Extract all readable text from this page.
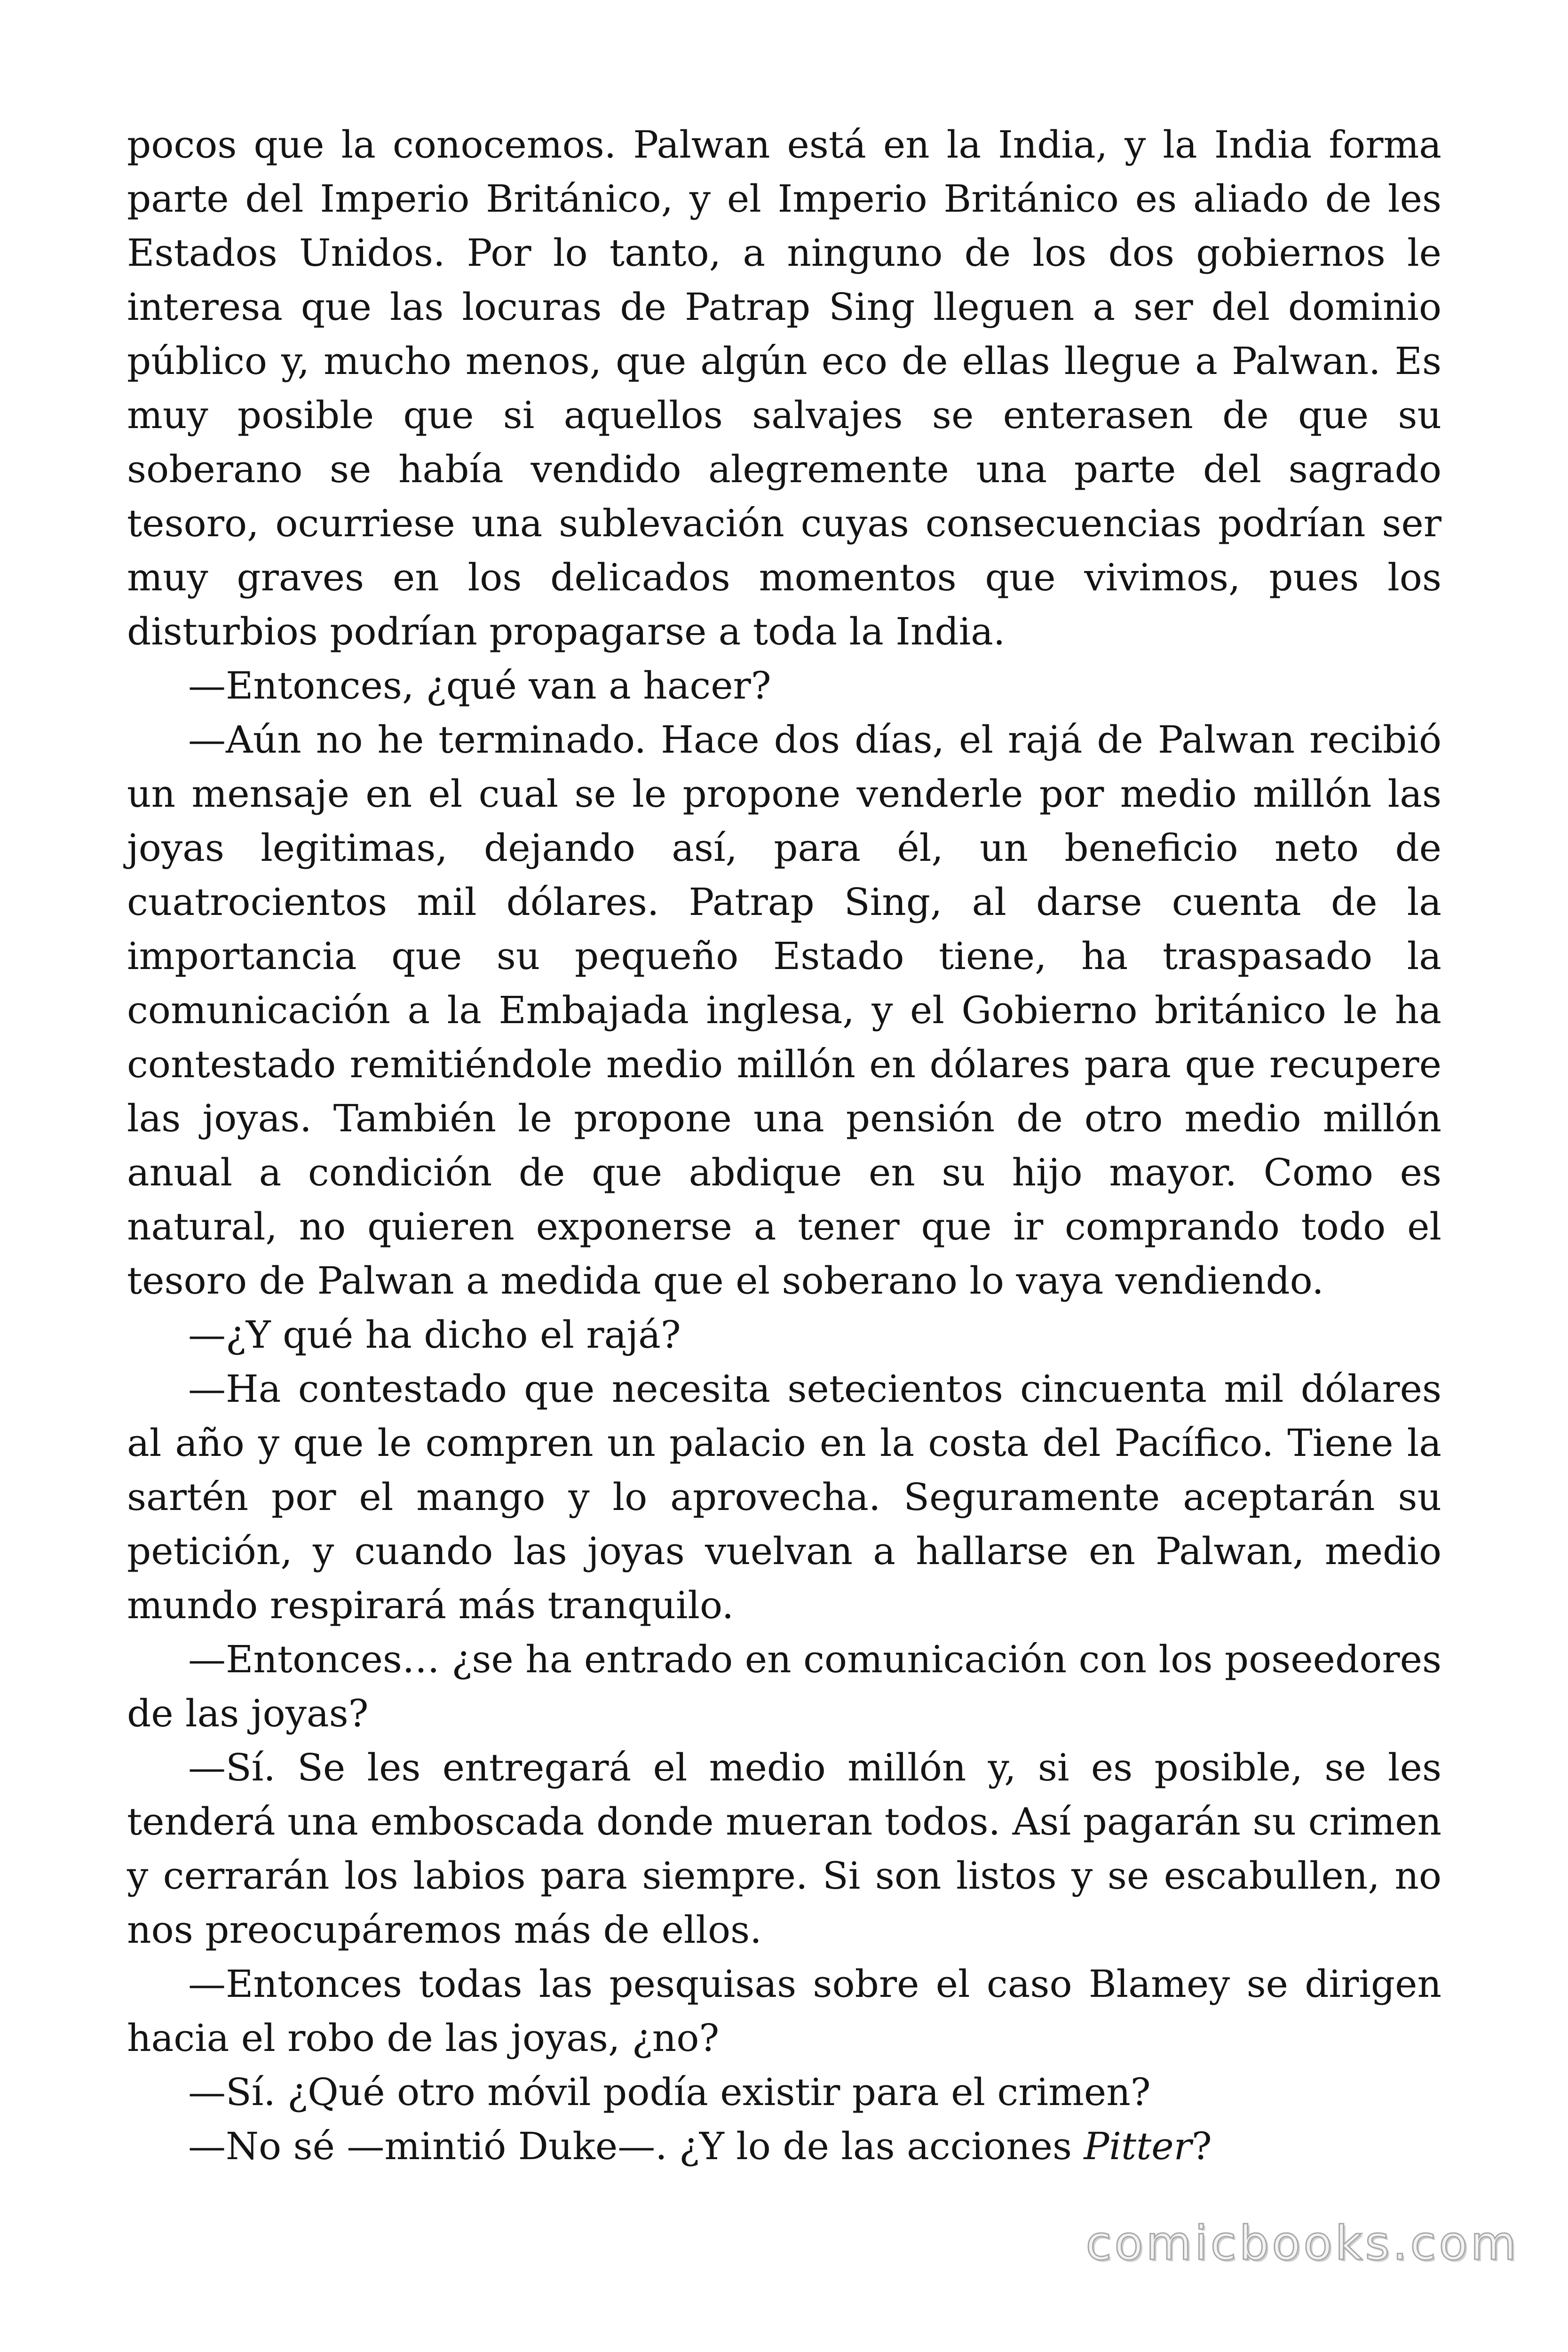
pocos que la conocemos. Palwan está en la India, y la India forma parte del Imperio Británico, y el Imperio Británico es aliado de les Estados Unidos. Por lo tanto, a ninguno de los dos gobiernos le interesa que las locuras de Patrap Sing lleguen a ser del dominio público y, mucho menos, que algún eco de ellas llegue a Palwan. Es muy posible que si aquellos salvajes se enterasen de que su soberano se había vendido alegremente una parte del sagrado tesoro, ocurriese una sublevación cuyas consecuencias podrían ser muy graves en los delicados momentos que vivimos, pues los disturbios podrían propagarse a toda la India.

—Entonces, ¿qué van a hacer?

—Aún no he terminado. Hace dos días, el rajá de Palwan recibió un mensaje en el cual se le propone venderle por medio millón las joyas legitimas, dejando así, para él, un beneficio neto de cuatrocientos mil dólares. Patrap Sing, al darse cuenta de la importancia que su pequeño Estado tiene, ha traspasado la comunicación a la Embajada inglesa, y el Gobierno británico le ha contestado remitiéndole medio millón en dólares para que recupere las joyas. También le propone una pensión de otro medio millón anual a condición de que abdique en su hijo mayor. Como es natural, no quieren exponerse a tener que ir comprando todo el tesoro de Palwan a medida que el soberano lo vaya vendiendo.

—¿Y qué ha dicho el rajá?

—Ha contestado que necesita setecientos cincuenta mil dólares al año y que le compren un palacio en la costa del Pacífico. Tiene la sartén por el mango y lo aprovecha. Seguramente aceptarán su petición, y cuando las joyas vuelvan a hallarse en Palwan, medio mundo respirará más tranquilo.

—Entonces… ¿se ha entrado en comunicación con los poseedores de las joyas?

—Sí. Se les entregará el medio millón y, si es posible, se les tenderá una emboscada donde mueran todos. Así pagarán su crimen y cerrarán los labios para siempre. Si son listos y se escabullen, no nos preocupáremos más de ellos.

—Entonces todas las pesquisas sobre el caso Blamey se dirigen hacia el robo de las joyas, ¿no?

—Sí. ¿Qué otro móvil podía existir para el crimen?

—No sé —mintió Duke—. ¿Y lo de las acciones Pitter?

comicbooks.com
